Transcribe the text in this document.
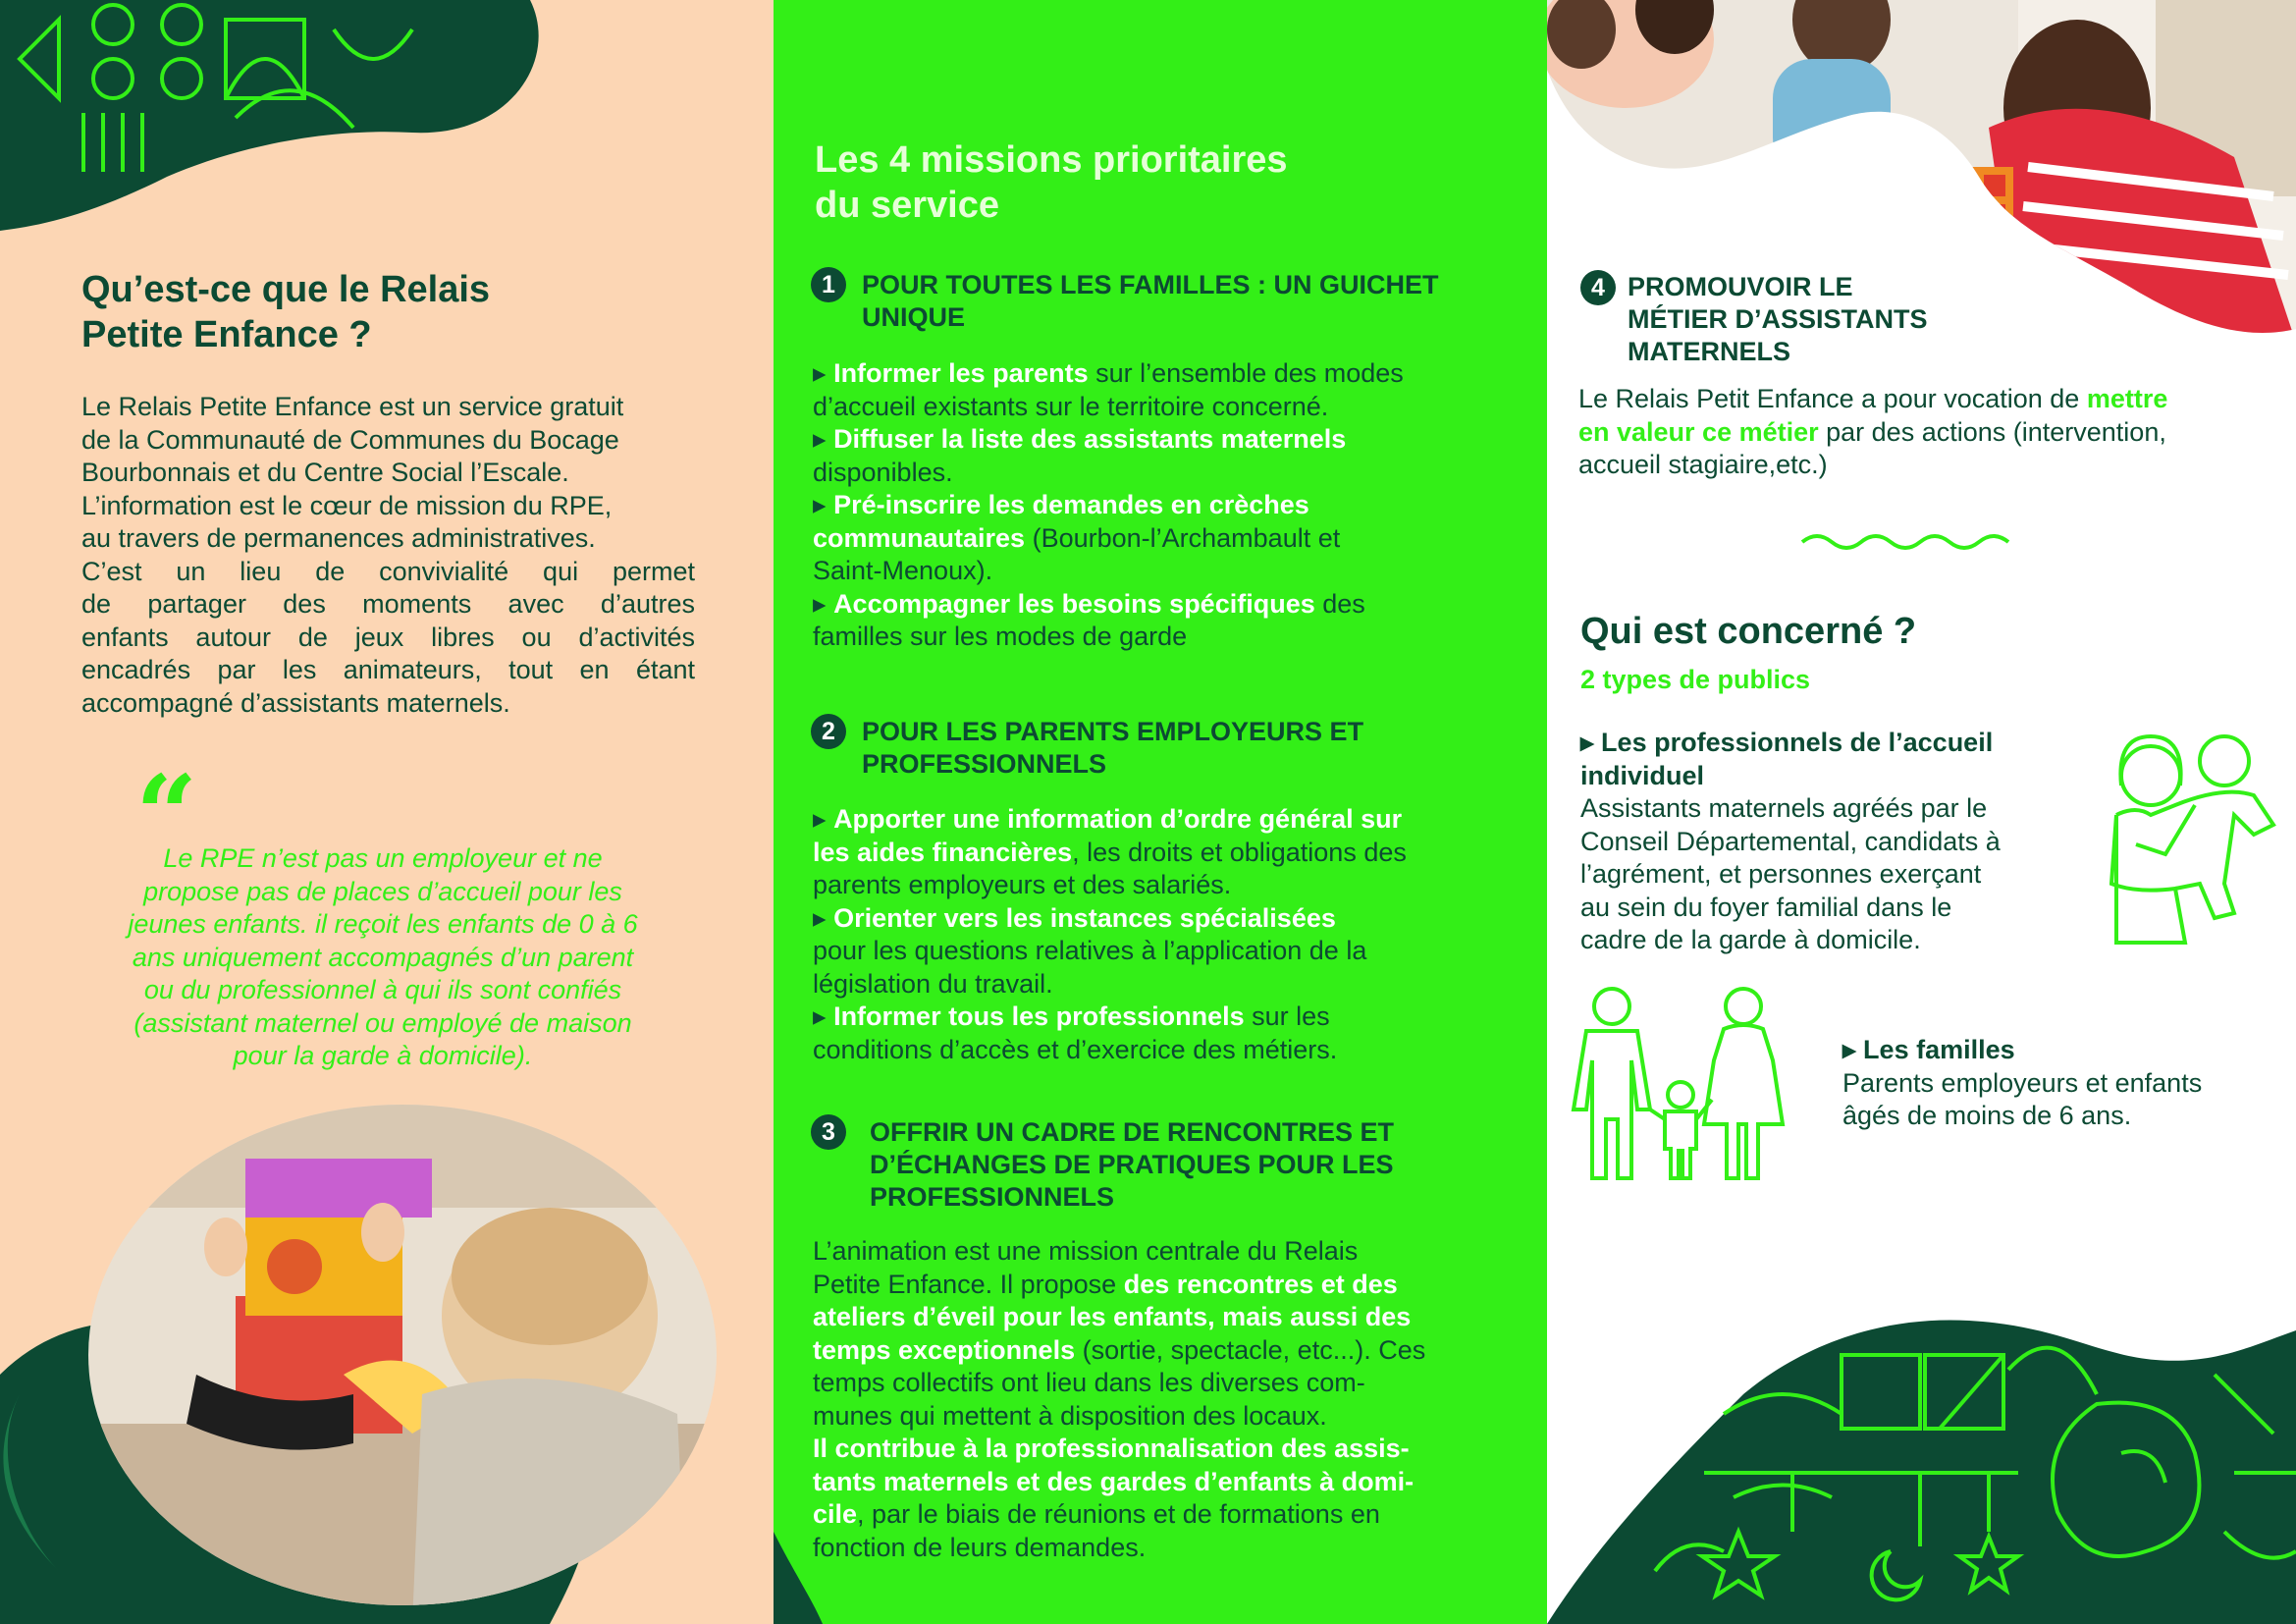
Qu’est-ce que le Relais
Petite Enfance ?

Le Relais Petite Enfance est un service gratuit

de la Communauté de Communes du Bocage

Bourbonnais et du Centre Social l’Escale.

L’information est le cœur de mission du RPE,

au travers de permanences administratives.

C’est un lieu de convivialité qui permet

de partager des moments avec d’autres

enfants autour de jeux libres ou d’activités

encadrés par les animateurs, tout en étant

accompagné d’assistants maternels.

“

Le RPE n’est pas un employeur et ne

propose pas de places d’accueil pour les

jeunes enfants. il reçoit les enfants de 0 à 6

ans uniquement accompagnés d’un parent

ou du professionnel à qui ils sont confiés

(assistant maternel ou employé de maison

pour la garde à domicile).

Les 4 missions prioritaires
du service
1	POUR TOUTES LES FAMILLES : UN GUICHET
UNIQUE

▸ Informer les parents sur l’ensemble des modes

d’accueil existants sur le territoire concerné.

▸ Diffuser la liste des assistants maternels

disponibles.

▸ Pré-inscrire les demandes en crèches

communautaires (Bourbon-l’Archambault et

Saint-Menoux).

▸ Accompagner les besoins spécifiques des

familles sur les modes de garde

2	POUR LES PARENTS EMPLOYEURS ET
PROFESSIONNELS

▸ Apporter une information d’ordre général sur

les aides financières, les droits et obligations des

parents employeurs et des salariés.

▸ Orienter vers les instances spécialisées

pour les questions relatives à l’application de la

législation du travail.

▸ Informer tous les professionnels sur les

conditions d’accès et d’exercice des métiers.

3	OFFRIR UN CADRE DE RENCONTRES ET
D’ÉCHANGES DE PRATIQUES POUR LES
PROFESSIONNELS

L’animation est une mission centrale du Relais

Petite Enfance. Il propose des rencontres et des

ateliers d’éveil pour les enfants, mais aussi des

temps exceptionnels (sortie, spectacle, etc...). Ces

temps collectifs ont lieu dans les diverses com-

munes qui mettent à disposition des locaux.

Il contribue à la professionnalisation des assis-

tants maternels et des gardes d’enfants à domi-

cile, par le biais de réunions et de formations en

fonction de leurs demandes.

4 PROMOUVOIR LE
MÉTIER D’ASSISTANTS
MATERNELS

Le Relais Petit Enfance a pour vocation de mettre

en valeur ce métier par des actions (intervention,

accueil stagiaire,etc.)

Qui est concerné ?
2 types de publics

▸ Les professionnels de l’accueil

individuel

Assistants maternels agréés par le

Conseil Départemental, candidats à

l’agrément, et personnes exerçant

au sein du foyer familial dans le

cadre de la garde à domicile.

▸ Les familles

Parents employeurs et enfants

âgés de moins de 6 ans.
